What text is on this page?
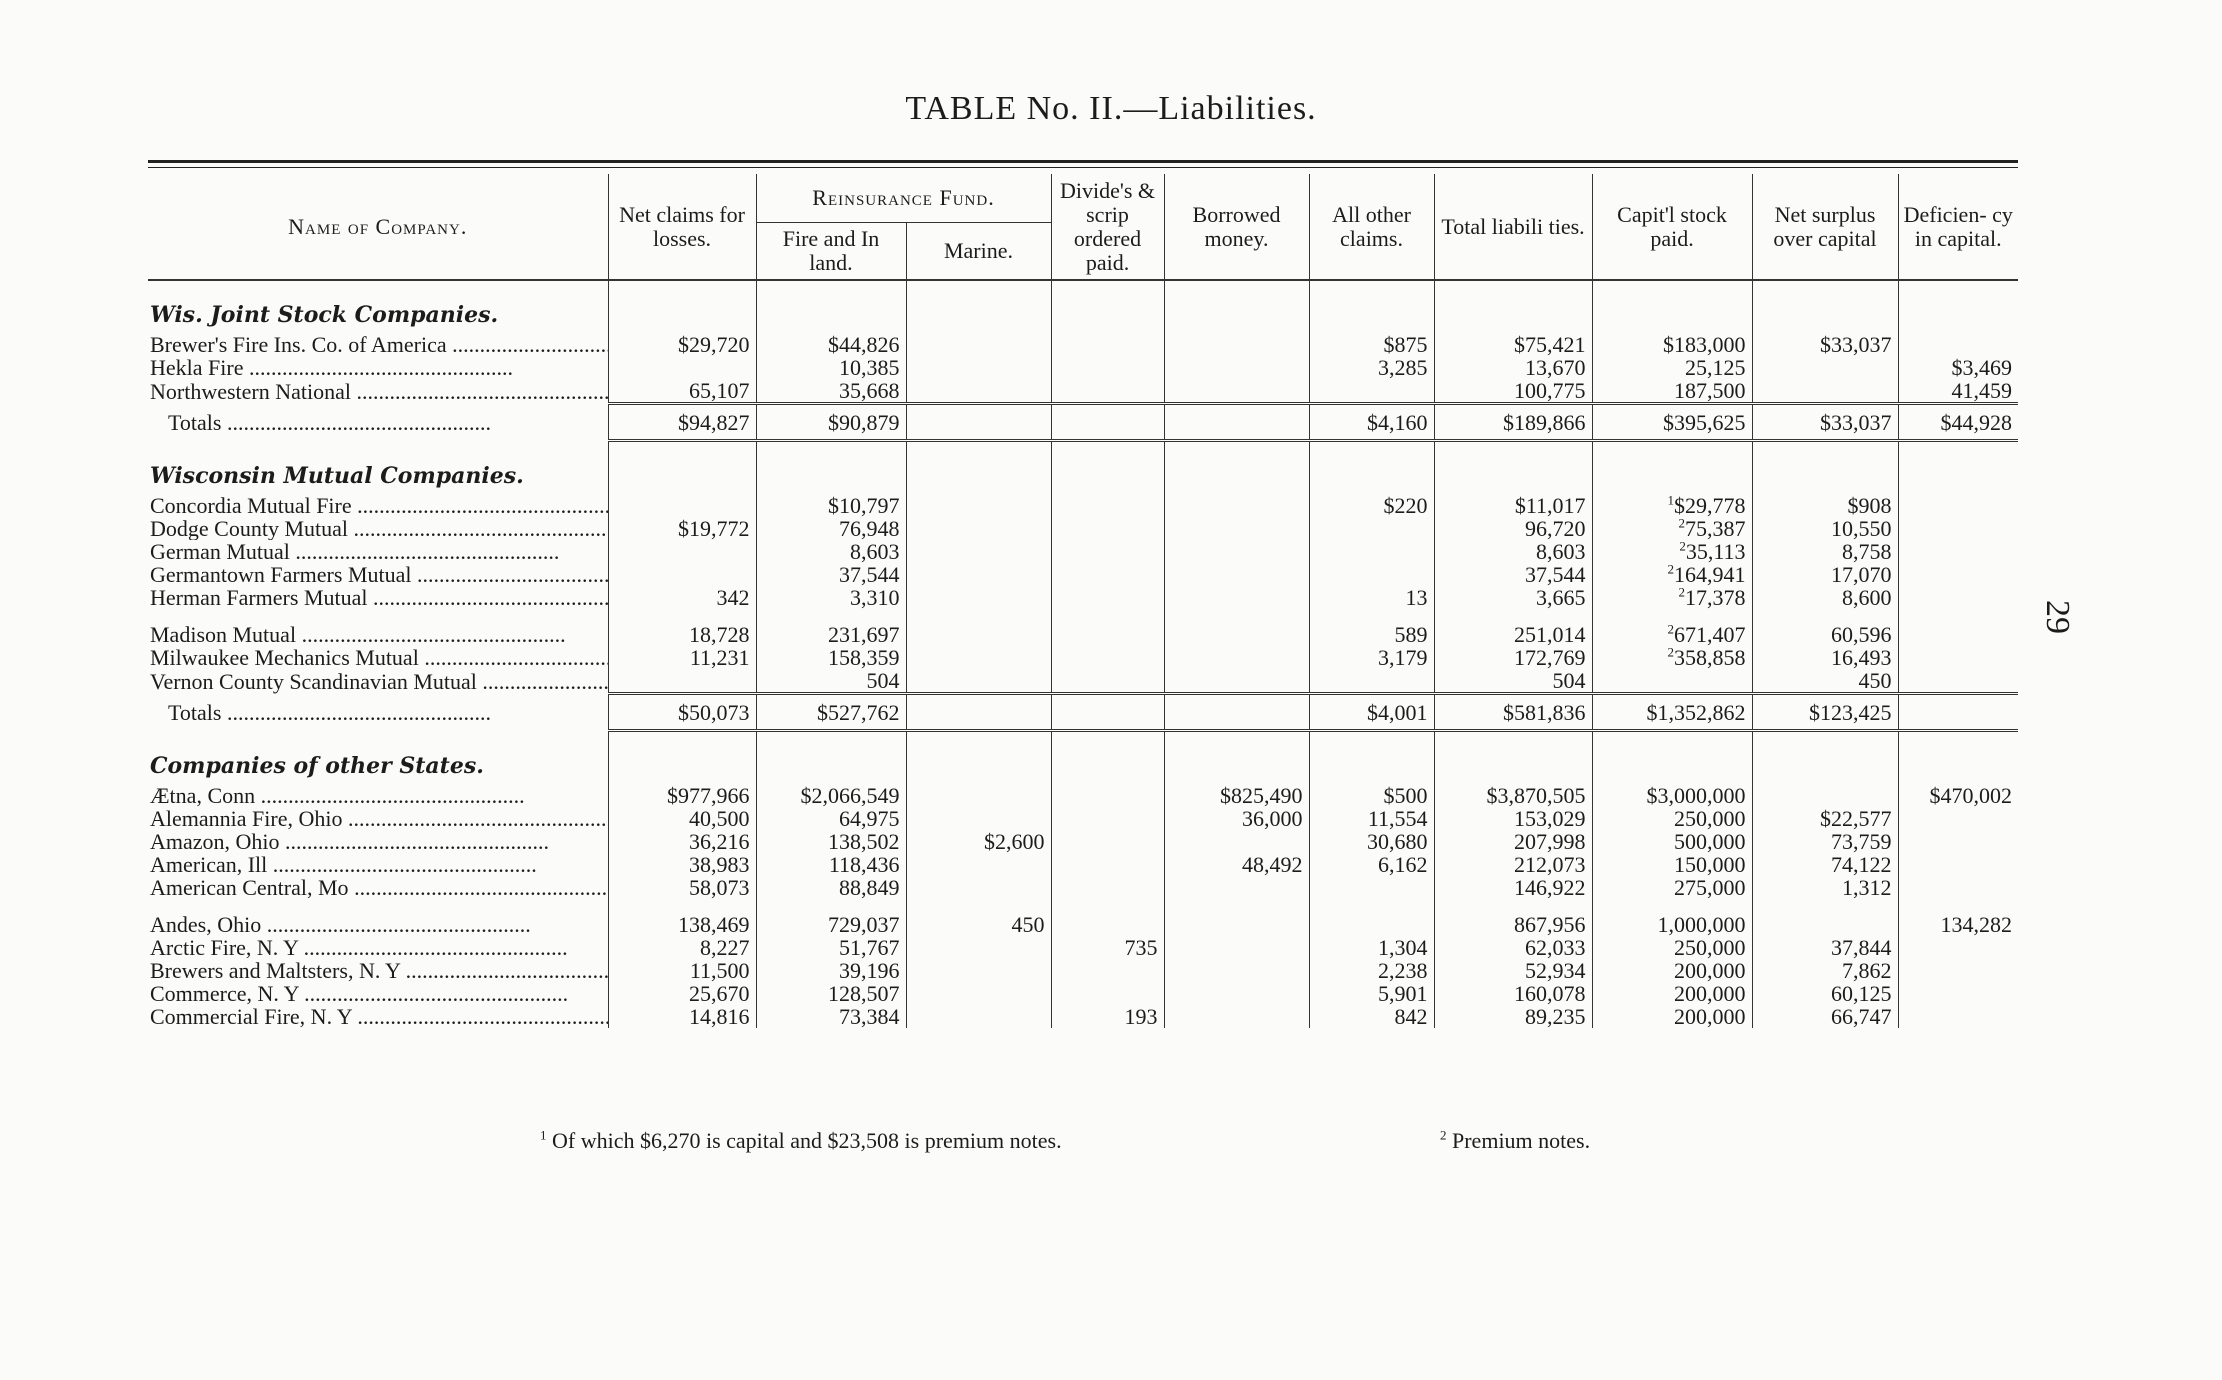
TABLE No. II.—Liabilities.
29
Name of Company.	Net claims for losses.	Reinsurance Fund.		Divide's & scrip ordered paid.	Borrowed money.	All other claims.	Total liabili ties.	Capit'l stock paid.	Net surplus over capital	Deficien- cy in capital.
		Fire and In land.	Marine.							
Wis. Joint Stock Companies.										
Brewer's Fire Ins. Co. of America .....	$29,720	$44,826				$875	$75,421	$183,000	$33,037	
Hekla Fire .....		10,385				3,285	13,670	25,125		$3,469
Northwestern National .....	65,107	35,668					100,775	187,500		41,459
Totals .....	$94,827	$90,879				$4,160	$189,866	$395,625	$33,037	$44,928
Wisconsin Mutual Companies.										
Concordia Mutual Fire .....		$10,797				$220	$11,017	$^1$\$29,778	$908	
Dodge County Mutual .....	$19,772	76,948					96,720	$^2$75,387	10,550	
German Mutual .....		8,603					8,603	$^2$35,113	8,758	
Germantown Farmers Mutual .....		37,544					37,544	$^2$164,941	17,070	
Herman Farmers Mutual .....	342	3,310				13	3,665	$^2$17,378	8,600	

Madison Mutual .....	18,728	231,697				589	251,014	$^2$671,407	60,596	
Milwaukee Mechanics Mutual .....	11,231	158,359				3,179	172,769	$^2$358,858	16,493	
Vernon County Scandinavian Mutual .....		504					504		450	
Totals .....	$50,073	$527,762				$4,001	$581,836	$1,352,862	$123,425	
Companies of other States.										
Ætna, Conn .....	$977,966	$2,066,549			$825,490	$500	$3,870,505	$3,000,000		$470,002
Alemannia Fire, Ohio .....	40,500	64,975			36,000	11,554	153,029	250,000	$22,577	
Amazon, Ohio .....	36,216	138,502	$2,600			30,680	207,998	500,000	73,759	
American, Ill .....	38,983	118,436			48,492	6,162	212,073	150,000	74,122	
American Central, Mo .....	58,073	88,849					146,922	275,000	1,312	

Andes, Ohio .....	138,469	729,037	450				867,956	1,000,000		134,282
Arctic Fire, N. Y .....	8,227	51,767		735		1,304	62,033	250,000	37,844	
Brewers and Maltsters, N. Y .....	11,500	39,196				2,238	52,934	200,000	7,862	
Commerce, N. Y .....	25,670	128,507				5,901	160,078	200,000	60,125	
Commercial Fire, N. Y .....	14,816	73,384		193		842	89,235	200,000	66,747	
$^1$ Of which $6,270 is capital and $23,508 is premium notes.	$^2$ Premium notes.
